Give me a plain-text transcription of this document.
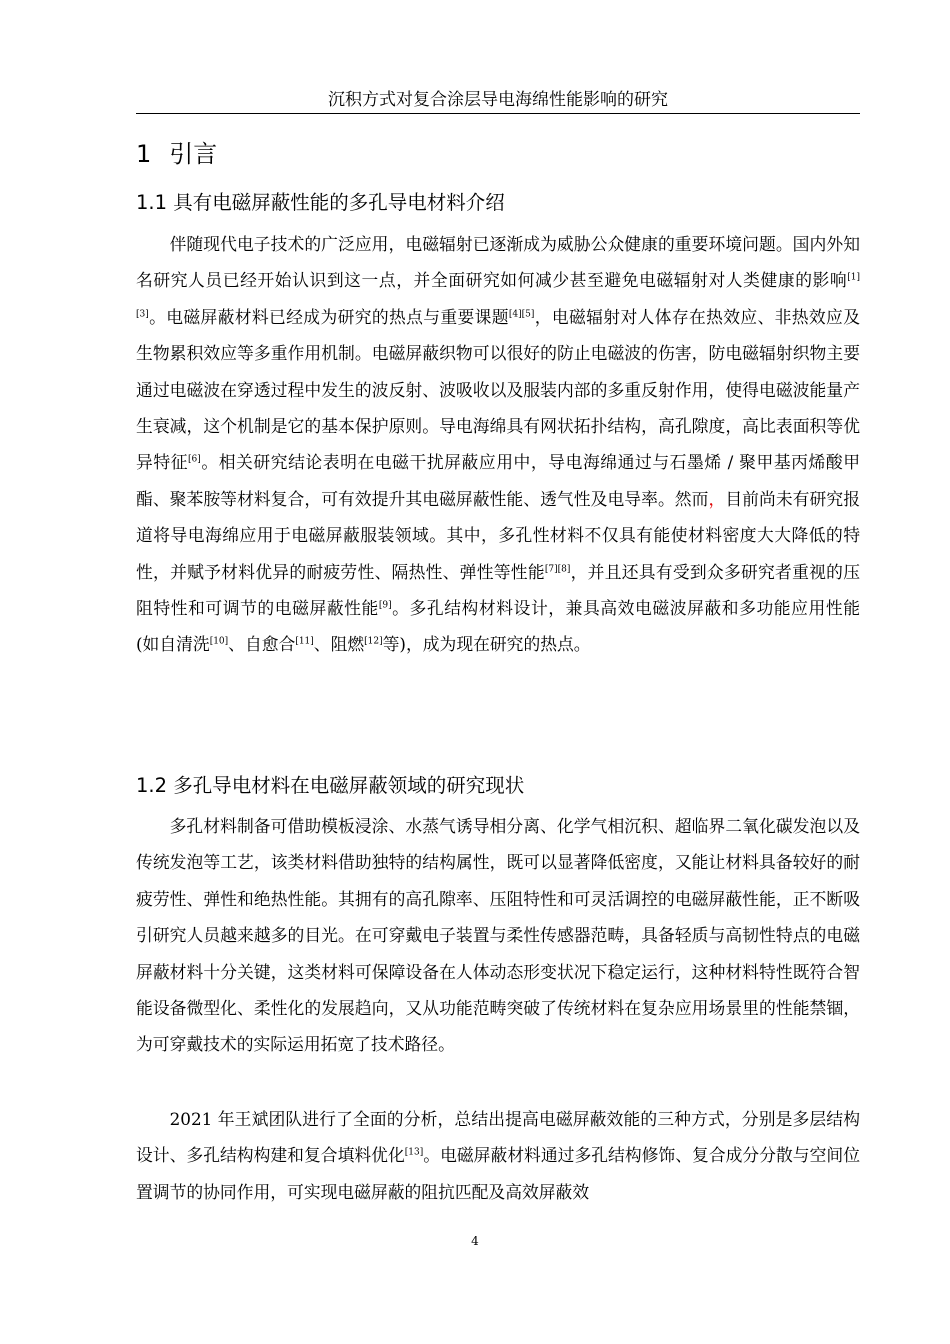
沉积方式对复合涂层导电海绵性能影响的研究
1 引言
1.1 具有电磁屏蔽性能的多孔导电材料介绍

伴随现代电子技术的广泛应用，电磁辐射已逐渐成为威胁公众健康的重要环境问题。国内外知名研究人员已经开始认识到这一点，并全面研究如何减少甚至避免电磁辐射对人类健康的影响[1][3]。电磁屏蔽材料已经成为研究的热点与重要课题[4][5]，电磁辐射对人体存在热效应、非热效应及生物累积效应等多重作用机制。电磁屏蔽织物可以很好的防止电磁波的伤害，防电磁辐射织物主要通过电磁波在穿透过程中发生的波反射、波吸收以及服装内部的多重反射作用，使得电磁波能量产生衰减，这个机制是它的基本保护原则。导电海绵具有网状拓扑结构，高孔隙度，高比表面积等优异特征[6]。相关研究结论表明在电磁干扰屏蔽应用中，导电海绵通过与石墨烯 / 聚甲基丙烯酸甲酯、聚苯胺等材料复合，可有效提升其电磁屏蔽性能、透气性及电导率。然而，目前尚未有研究报道将导电海绵应用于电磁屏蔽服装领域。其中，多孔性材料不仅具有能使材料密度大大降低的特性，并赋予材料优异的耐疲劳性、隔热性、弹性等性能[7][8]，并且还具有受到众多研究者重视的压阻特性和可调节的电磁屏蔽性能[9]。多孔结构材料设计，兼具高效电磁波屏蔽和多功能应用性能(如自清洗[10]、自愈合[11]、阻燃[12]等)，成为现在研究的热点。

1.2 多孔导电材料在电磁屏蔽领域的研究现状

多孔材料制备可借助模板浸涂、水蒸气诱导相分离、化学气相沉积、超临界二氧化碳发泡以及传统发泡等工艺，该类材料借助独特的结构属性，既可以显著降低密度，又能让材料具备较好的耐疲劳性、弹性和绝热性能。其拥有的高孔隙率、压阻特性和可灵活调控的电磁屏蔽性能，正不断吸引研究人员越来越多的目光。在可穿戴电子装置与柔性传感器范畴，具备轻质与高韧性特点的电磁屏蔽材料十分关键，这类材料可保障设备在人体动态形变状况下稳定运行，这种材料特性既符合智能设备微型化、柔性化的发展趋向，又从功能范畴突破了传统材料在复杂应用场景里的性能禁锢，为可穿戴技术的实际运用拓宽了技术路径。

2021 年王斌团队进行了全面的分析，总结出提高电磁屏蔽效能的三种方式，分别是多层结构设计、多孔结构构建和复合填料优化[13]。电磁屏蔽材料通过多孔结构修饰、复合成分分散与空间位置调节的协同作用，可实现电磁屏蔽的阻抗匹配及高效屏蔽效

4
